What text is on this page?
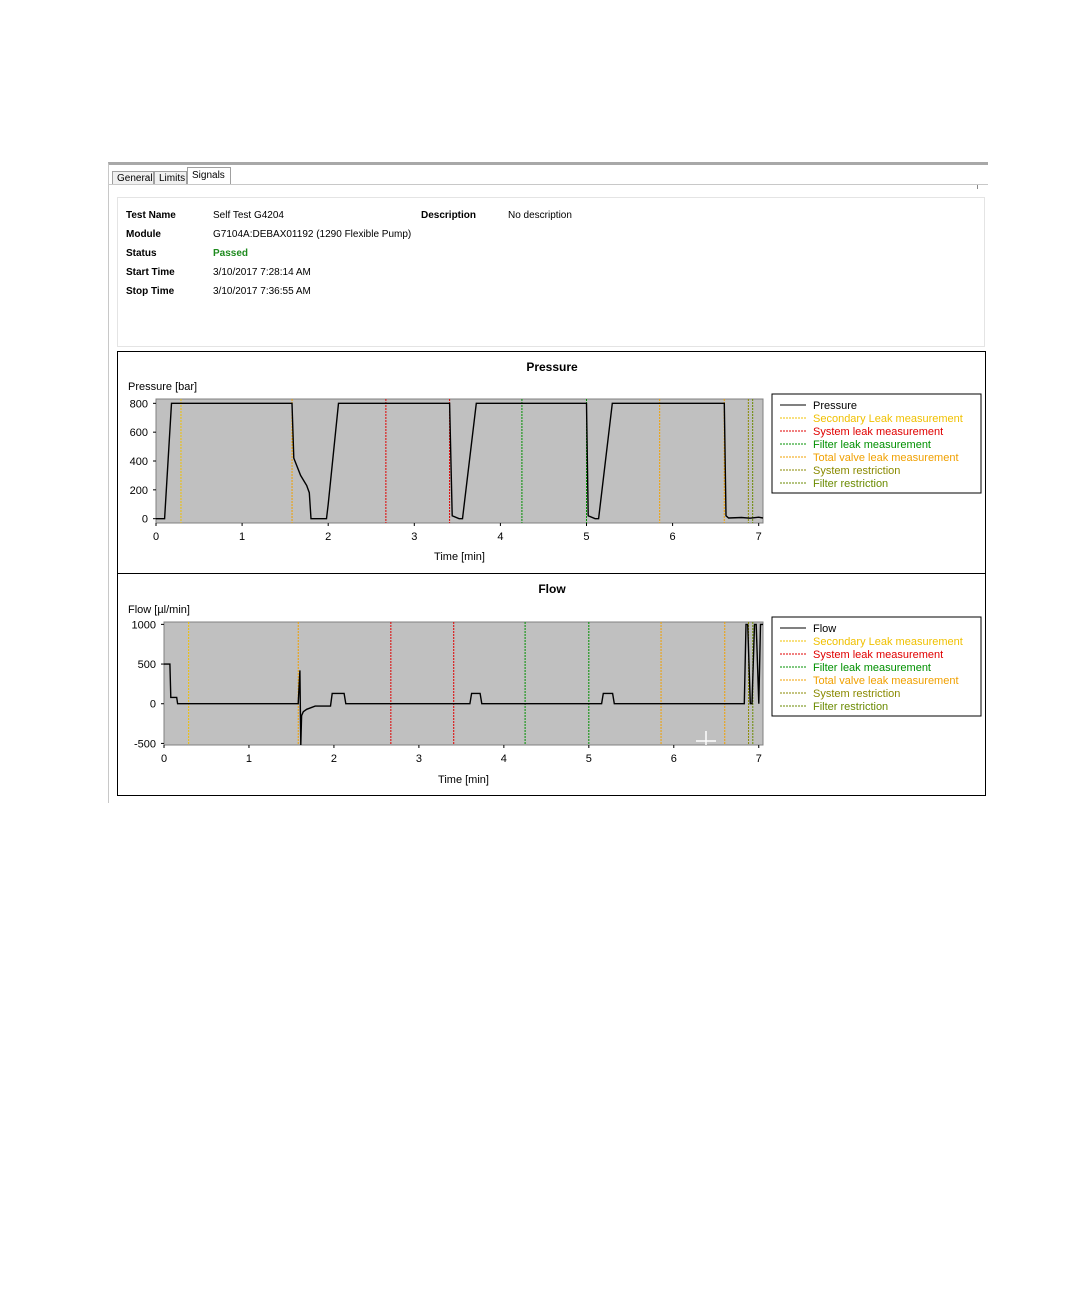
General Limits Signals
Test Name	Self Test G4204
Module	G7104A:DEBAX01192 (1290 Flexible Pump)
Status	Passed
Start Time	3/10/2017 7:28:14 AM
Stop Time	3/10/2017 7:36:55 AM
Description	No description
Pressure
Pressure [bar]
0
200
400
600
800
0	1	2	3	4	5	6	7
Time [min]
Pressure
Secondary Leak measurement
System leak measurement
Filter leak measurement
Total valve leak measurement
System restriction
Filter restriction
Flow
Flow [µl/min]
-500
0
500
1000
0	1	2	3	4	5	6	7
Time [min]
Flow
Secondary Leak measurement
System leak measurement
Filter leak measurement
Total valve leak measurement
System restriction
Filter restriction
